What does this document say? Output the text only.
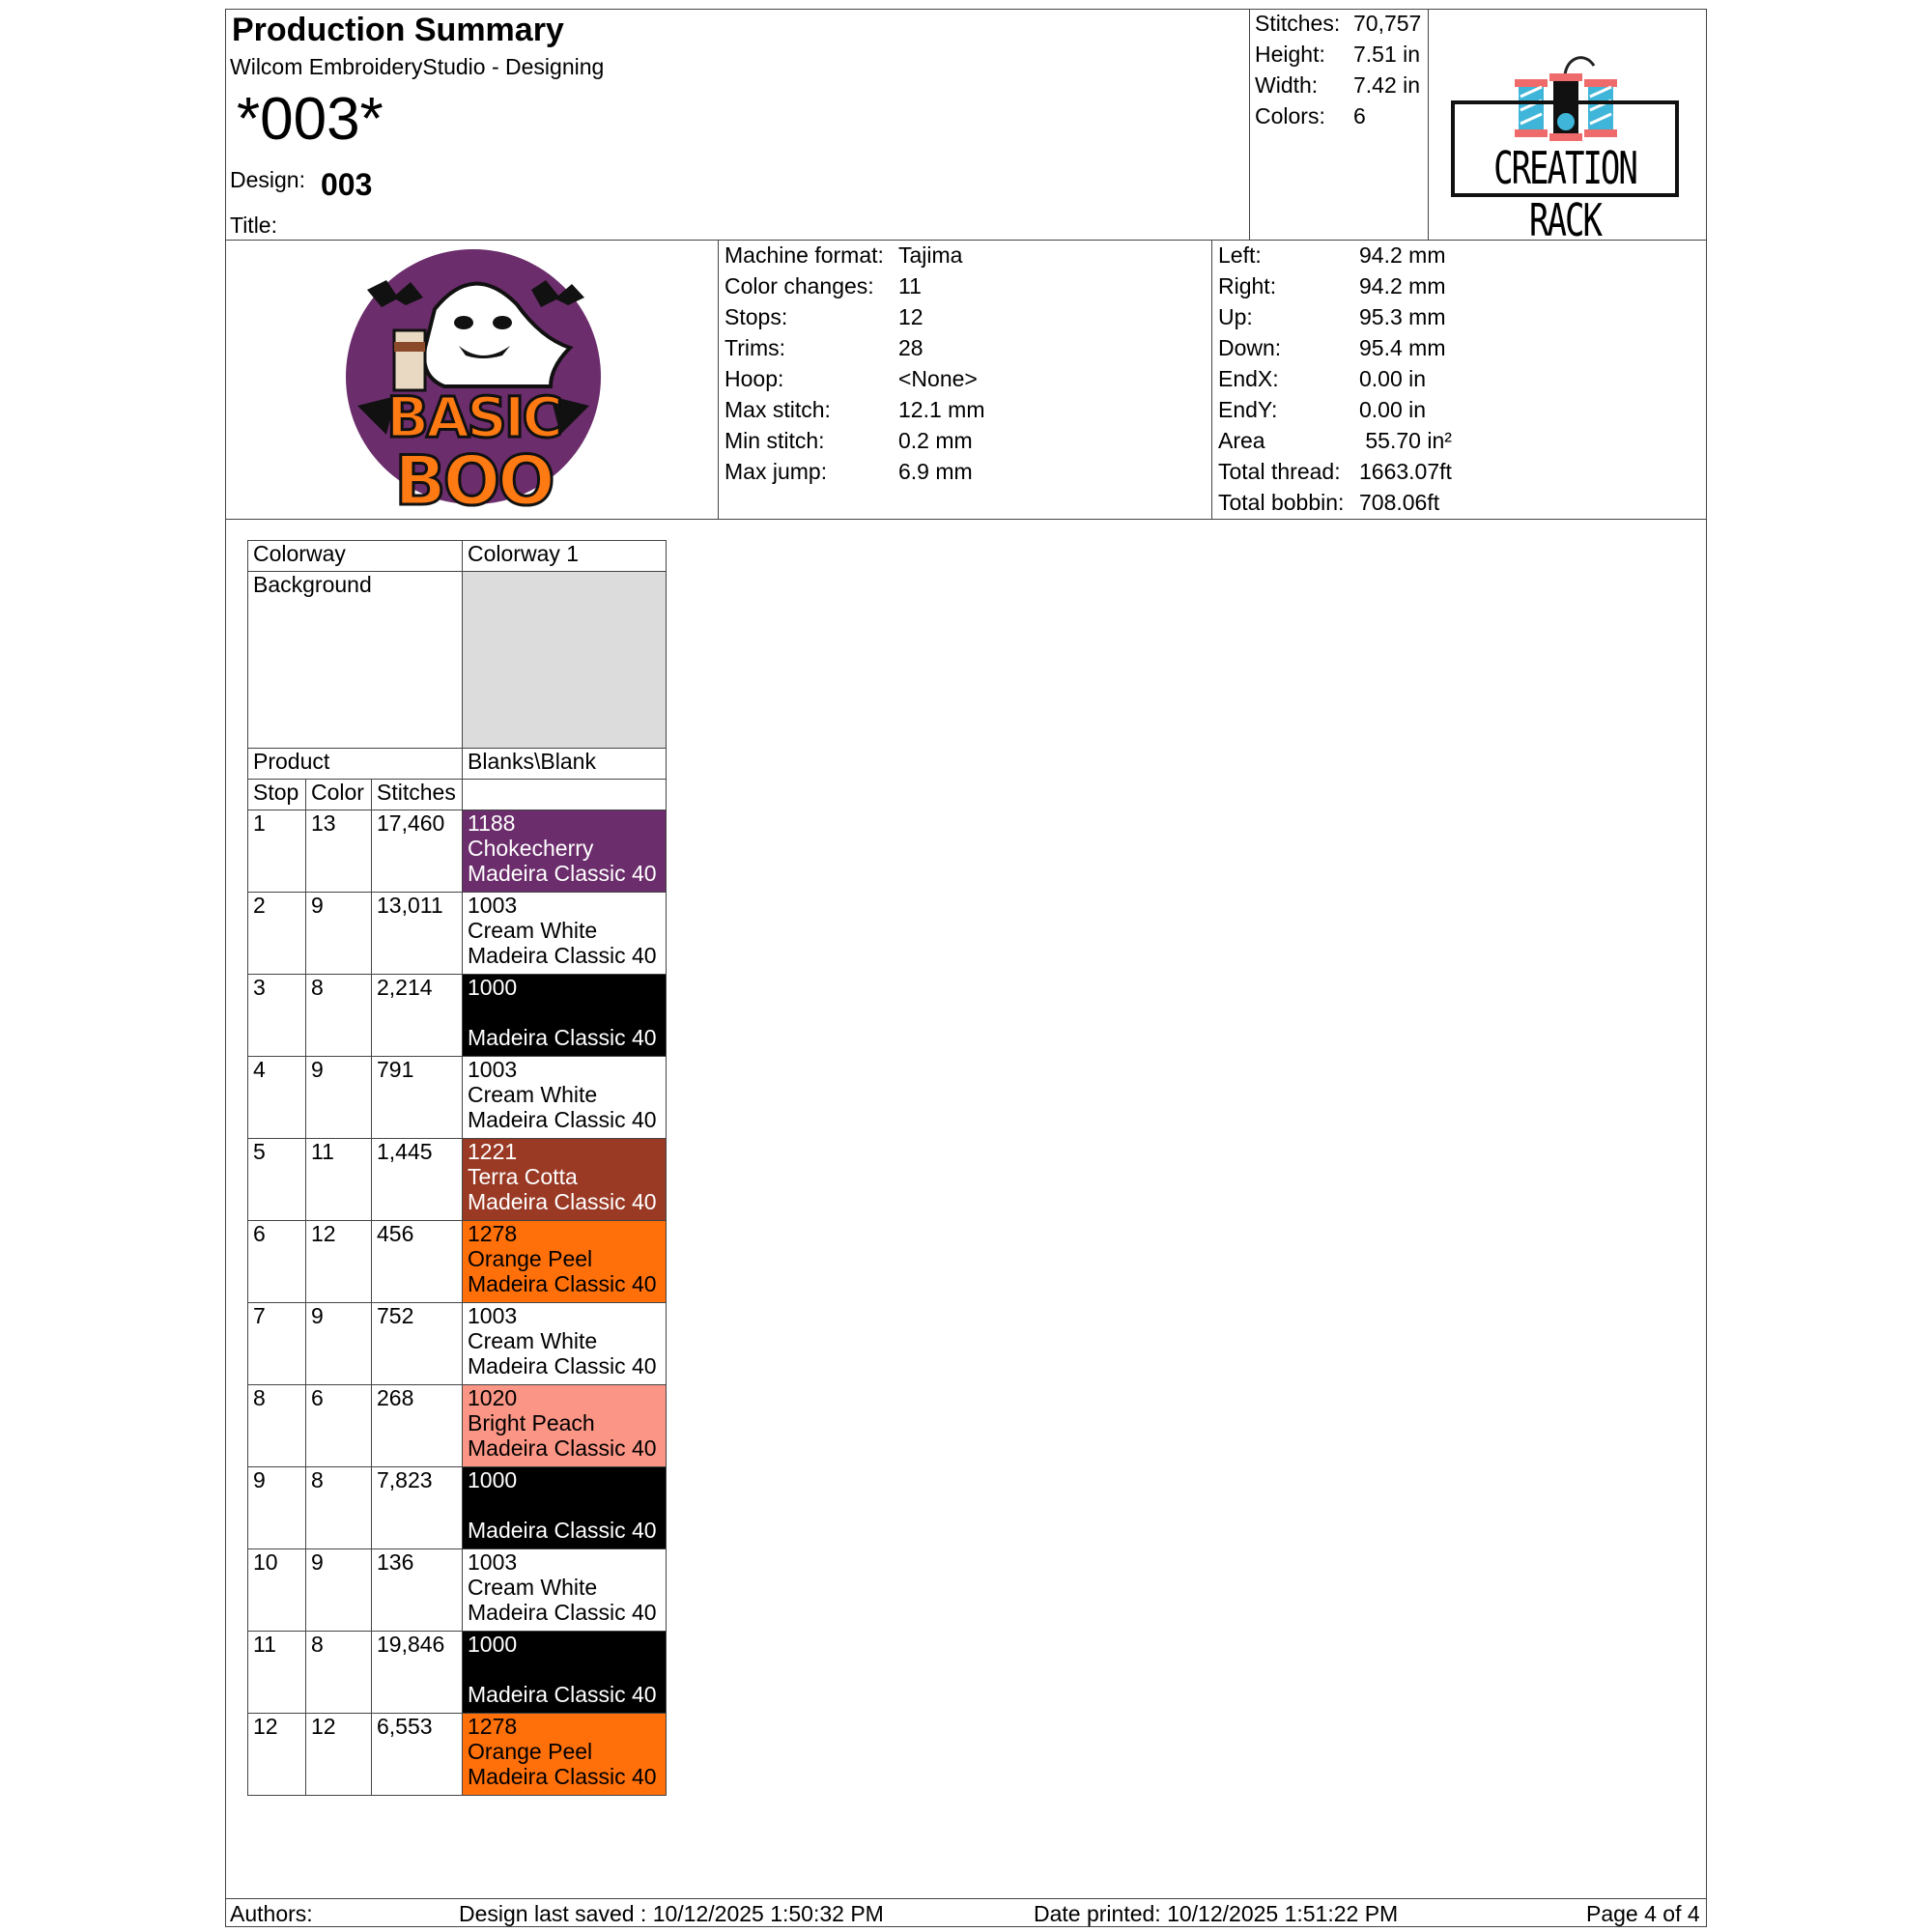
Production Summary
Wilcom EmbroideryStudio - Designing
*003*
Design: 003
Title:
Stitches: 70,757
Height: 7.51 in
Width: 7.42 in
Colors: 6
CREATION RACK
BASIC
BOO
Machine format: Tajima
Color changes: 11
Stops:	12
Trims:	28
Hoop:	<None>
Max stitch:	12.1 mm
Min stitch:	0.2 mm
Max jump:	6.9 mm
Left:	94.2 mm
Right:	94.2 mm
Up:	95.3 mm
Down:	95.4 mm
EndX:	0.00 in
EndY:	0.00 in
Area	55.70 in²
Total thread: 1663.07ft
Total bobbin: 708.06ft
Colorway			Colorway 1
Background			
Product			Blanks\Blank
Stop	Color	Stitches	
1	13	17,460	1188
Chokecherry
Madeira Classic 40

2	9	13,011	1003
Cream White
Madeira Classic 40

3	8	2,214	1000
Madeira Classic 40

4	9	791	1003
Cream White
Madeira Classic 40

5	11	1,445	1221
Terra Cotta
Madeira Classic 40

6	12	456	1278
Orange Peel
Madeira Classic 40

7	9	752	1003
Cream White
Madeira Classic 40

8	6	268	1020
Bright Peach
Madeira Classic 40

9	8	7,823	1000
Madeira Classic 40

10	9	136	1003
Cream White
Madeira Classic 40

11	8	19,846	1000
Madeira Classic 40

12	12	6,553	1278
Orange Peel
Madeira Classic 40
Authors:	Design last saved : 10/12/2025 1:50:32 PM	Date printed: 10/12/2025 1:51:22 PM	Page 4 of 4
